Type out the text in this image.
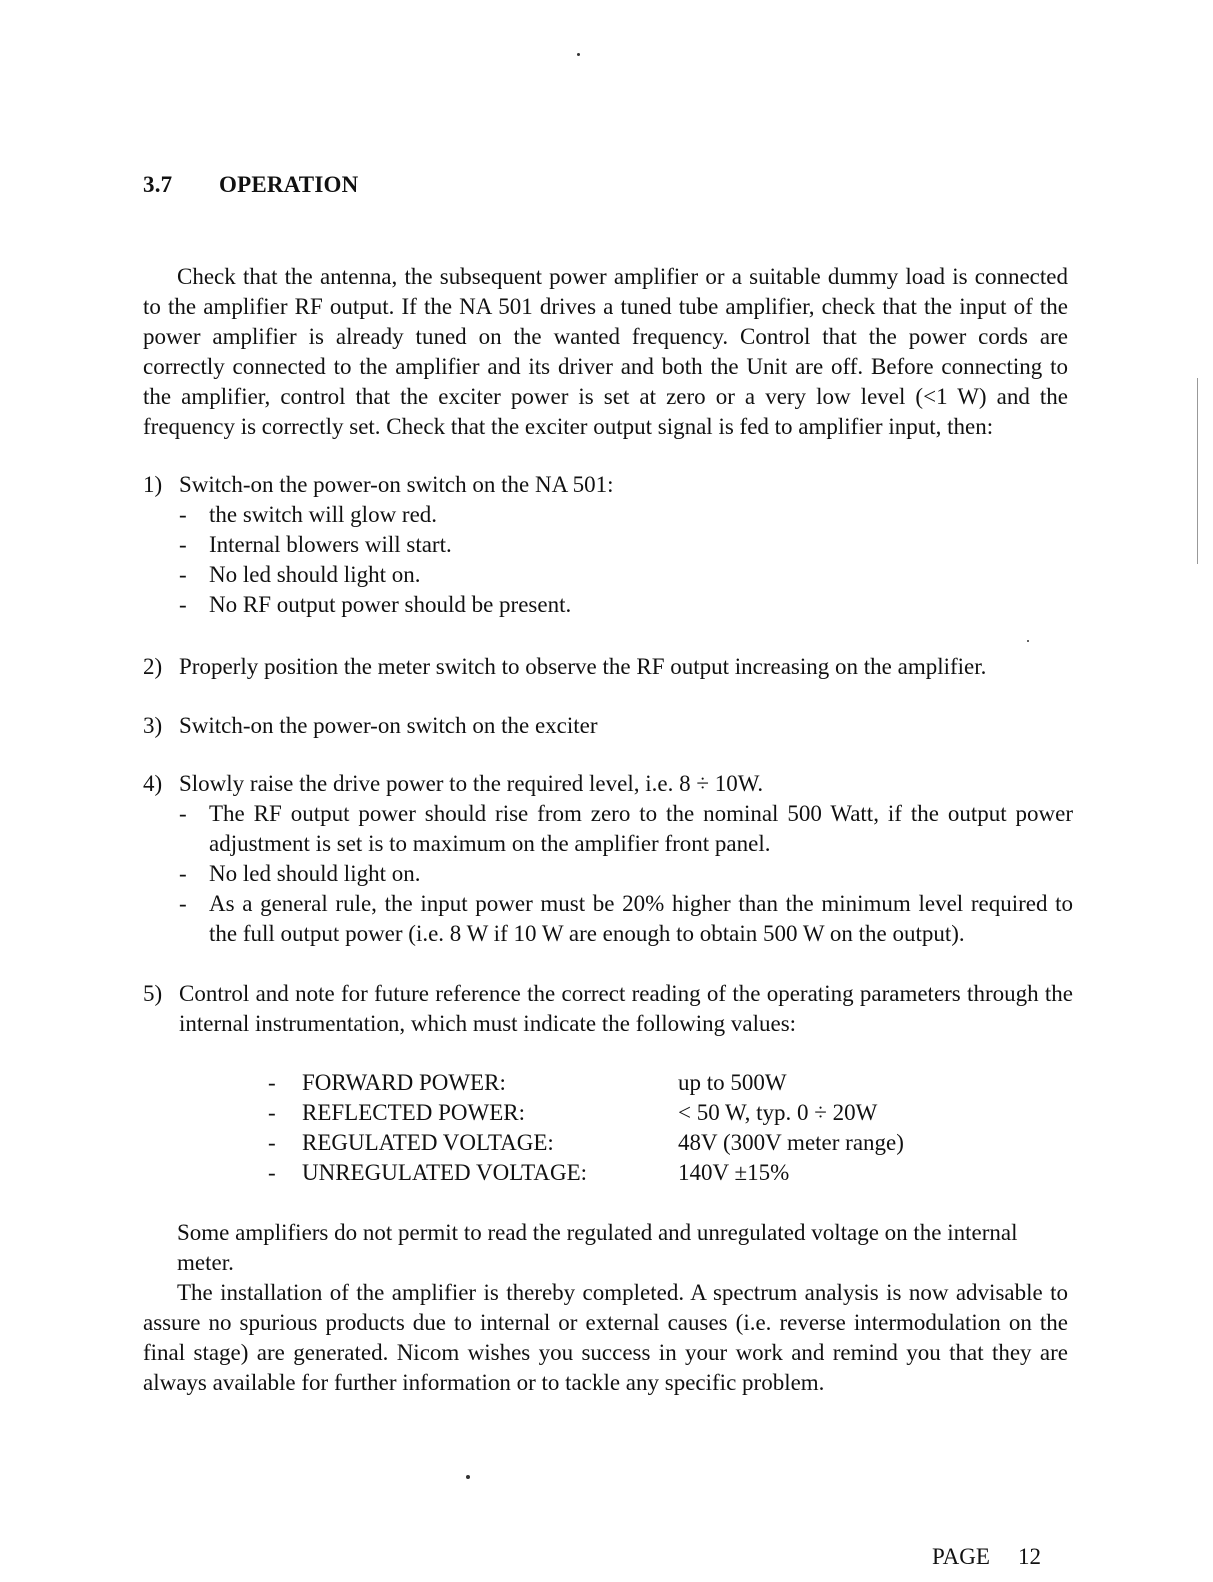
3.7 OPERATION
Check that the antenna, the subsequent power amplifier or a suitable dummy load is connected to the amplifier RF output. If the NA 501 drives a tuned tube amplifier, check that the input of the power amplifier is already tuned on the wanted frequency. Control that the power cords are correctly connected to the amplifier and its driver and both the Unit are off. Before connecting to the amplifier, control that the exciter power is set at zero or a very low level (<1 W) and the frequency is correctly set. Check that the exciter output signal is fed to amplifier input, then:
1) Switch-on the power-on switch on the NA 501:
- the switch will glow red.
- Internal blowers will start.
- No led should light on.
- No RF output power should be present.
2) Properly position the meter switch to observe the RF output increasing on the amplifier.
3) Switch-on the power-on switch on the exciter
4) Slowly raise the drive power to the required level, i.e. 8 ÷ 10W.
- The RF output power should rise from zero to the nominal 500 Watt, if the output power adjustment is set is to maximum on the amplifier front panel.
- No led should light on.
- As a general rule, the input power must be 20% higher than the minimum level required to the full output power (i.e. 8 W if 10 W are enough to obtain 500 W on the output).
5) Control and note for future reference the correct reading of the operating parameters through the internal instrumentation, which must indicate the following values:
-	FORWARD POWER:	up to 500W
-	REFLECTED POWER:	< 50 W, typ. 0 ÷ 20W
-	REGULATED VOLTAGE:	48V (300V meter range)
-	UNREGULATED VOLTAGE:	140V ±15%
Some amplifiers do not permit to read the regulated and unregulated voltage on the internal meter.
The installation of the amplifier is thereby completed. A spectrum analysis is now advisable to assure no spurious products due to internal or external causes (i.e. reverse intermodulation on the final stage) are generated. Nicom wishes you success in your work and remind you that they are always available for further information or to tackle any specific problem.
PAGE 12
